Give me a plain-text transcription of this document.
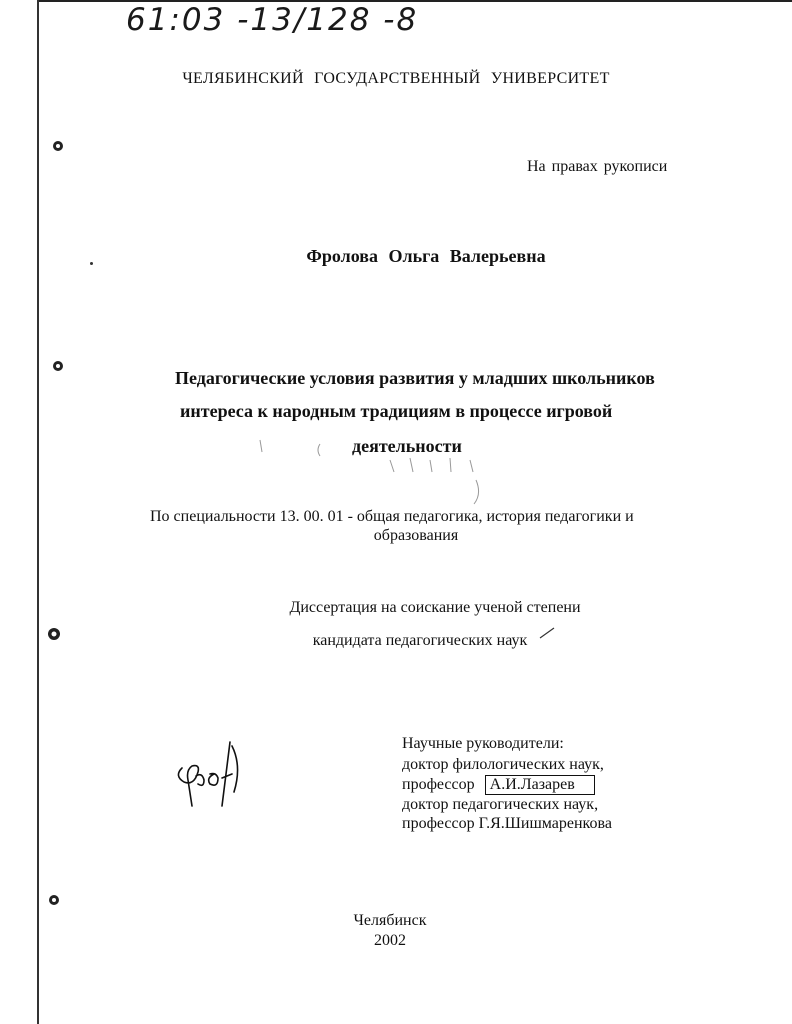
61:03 -13/128 -8
ЧЕЛЯБИНСКИЙ ГОСУДАРСТВЕННЫЙ УНИВЕРСИТЕТ
На правах рукописи
Фролова Ольга Валерьевна
Педагогические условия развития у младших школьников
интереса к народным традициям в процессе игровой
деятельности
По специальности 13. 00. 01 - общая педагогика, история педагогики и
образования
Диссертация на соискание ученой степени
кандидата педагогических наук
Научные руководители:
доктор филологических наук,
профессор А.И.Лазарев
доктор педагогических наук,
профессор Г.Я.Шишмаренкова
Челябинск
2002
